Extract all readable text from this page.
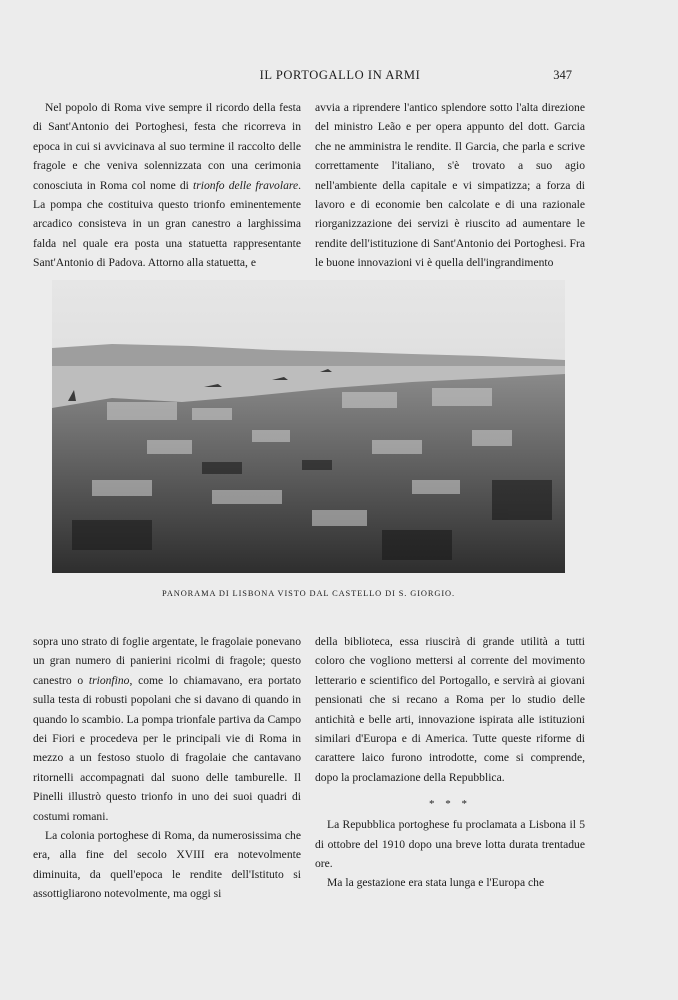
IL PORTOGALLO IN ARMI	347

Nel popolo di Roma vive sempre il ricordo della festa di Sant'Antonio dei Portoghesi, festa che ricorreva in epoca in cui si avvicinava al suo termine il raccolto delle fragole e che veniva solennizzata con una cerimonia conosciuta in Roma col nome di trionfo delle fravolare. La pompa che costituiva questo trionfo eminentemente arcadico consisteva in un gran canestro a larghissima falda nel quale era posta una statuetta rappresentante Sant'Antonio di Padova. Attorno alla statuetta, e

avvia a riprendere l'antico splendore sotto l'alta direzione del ministro Leão e per opera appunto del dott. Garcia che ne amministra le rendite. Il Garcia, che parla e scrive correttamente l'italiano, s'è trovato a suo agio nell'ambiente della capitale e vi simpatizza; a forza di lavoro e di economie ben calcolate e di una razionale riorganizzazione dei servizi è riuscito ad aumentare le rendite dell'istituzione di Sant'Antonio dei Portoghesi. Fra le buone innovazioni vi è quella dell'ingrandimento

PANORAMA DI LISBONA VISTO DAL CASTELLO DI S. GIORGIO.

sopra uno strato di foglie argentate, le fragolaie ponevano un gran numero di panierini ricolmi di fragole; questo canestro o trionfino, come lo chiamavano, era portato sulla testa di robusti popolani che si davano di quando in quando lo scambio. La pompa trionfale partiva da Campo dei Fiori e procedeva per le principali vie di Roma in mezzo a un festoso stuolo di fragolaie che cantavano ritornelli accompagnati dal suono delle tamburelle. Il Pinelli illustrò questo trionfo in uno dei suoi quadri di costumi romani.

La colonia portoghese di Roma, da numerosissima che era, alla fine del secolo XVIII era notevolmente diminuita, da quell'epoca le rendite dell'Istituto si assottigliarono notevolmente, ma oggi si

della biblioteca, essa riuscirà di grande utilità a tutti coloro che vogliono mettersi al corrente del movimento letterario e scientifico del Portogallo, e servirà ai giovani pensionati che si recano a Roma per lo studio delle antichità e belle arti, innovazione ispirata alle istituzioni similari d'Europa e di America. Tutte queste riforme di carattere laico furono introdotte, come si comprende, dopo la proclamazione della Repubblica.

* * *

La Repubblica portoghese fu proclamata a Lisbona il 5 di ottobre del 1910 dopo una breve lotta durata trentadue ore.

Ma la gestazione era stata lunga e l'Europa che
